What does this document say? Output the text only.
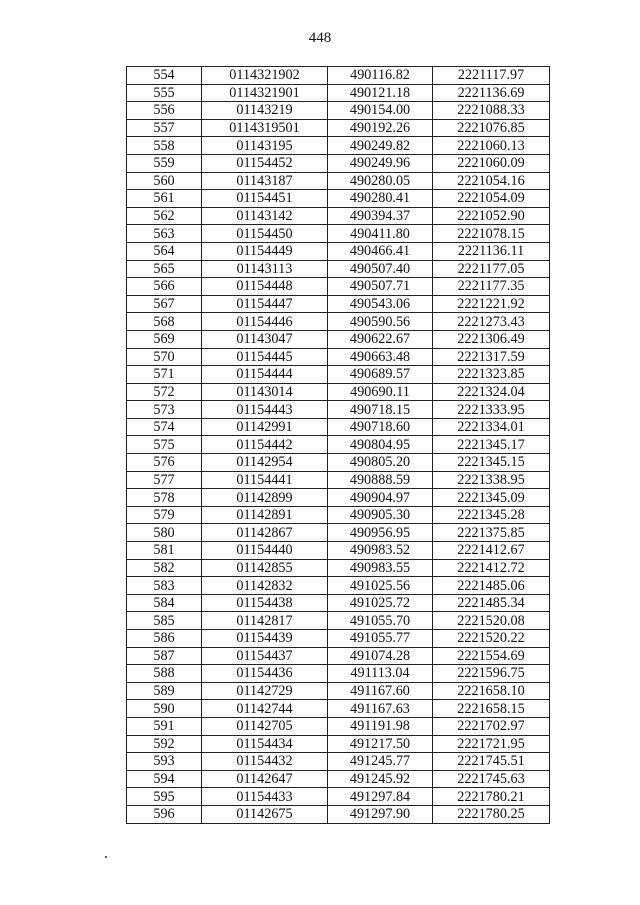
448
554	0114321902	490116.82	2221117.97
555	0114321901	490121.18	2221136.69
556	01143219	490154.00	2221088.33
557	0114319501	490192.26	2221076.85
558	01143195	490249.82	2221060.13
559	01154452	490249.96	2221060.09
560	01143187	490280.05	2221054.16
561	01154451	490280.41	2221054.09
562	01143142	490394.37	2221052.90
563	01154450	490411.80	2221078.15
564	01154449	490466.41	2221136.11
565	01143113	490507.40	2221177.05
566	01154448	490507.71	2221177.35
567	01154447	490543.06	2221221.92
568	01154446	490590.56	2221273.43
569	01143047	490622.67	2221306.49
570	01154445	490663.48	2221317.59
571	01154444	490689.57	2221323.85
572	01143014	490690.11	2221324.04
573	01154443	490718.15	2221333.95
574	01142991	490718.60	2221334.01
575	01154442	490804.95	2221345.17
576	01142954	490805.20	2221345.15
577	01154441	490888.59	2221338.95
578	01142899	490904.97	2221345.09
579	01142891	490905.30	2221345.28
580	01142867	490956.95	2221375.85
581	01154440	490983.52	2221412.67
582	01142855	490983.55	2221412.72
583	01142832	491025.56	2221485.06
584	01154438	491025.72	2221485.34
585	01142817	491055.70	2221520.08
586	01154439	491055.77	2221520.22
587	01154437	491074.28	2221554.69
588	01154436	491113.04	2221596.75
589	01142729	491167.60	2221658.10
590	01142744	491167.63	2221658.15
591	01142705	491191.98	2221702.97
592	01154434	491217.50	2221721.95
593	01154432	491245.77	2221745.51
594	01142647	491245.92	2221745.63
595	01154433	491297.84	2221780.21
596	01142675	491297.90	2221780.25
